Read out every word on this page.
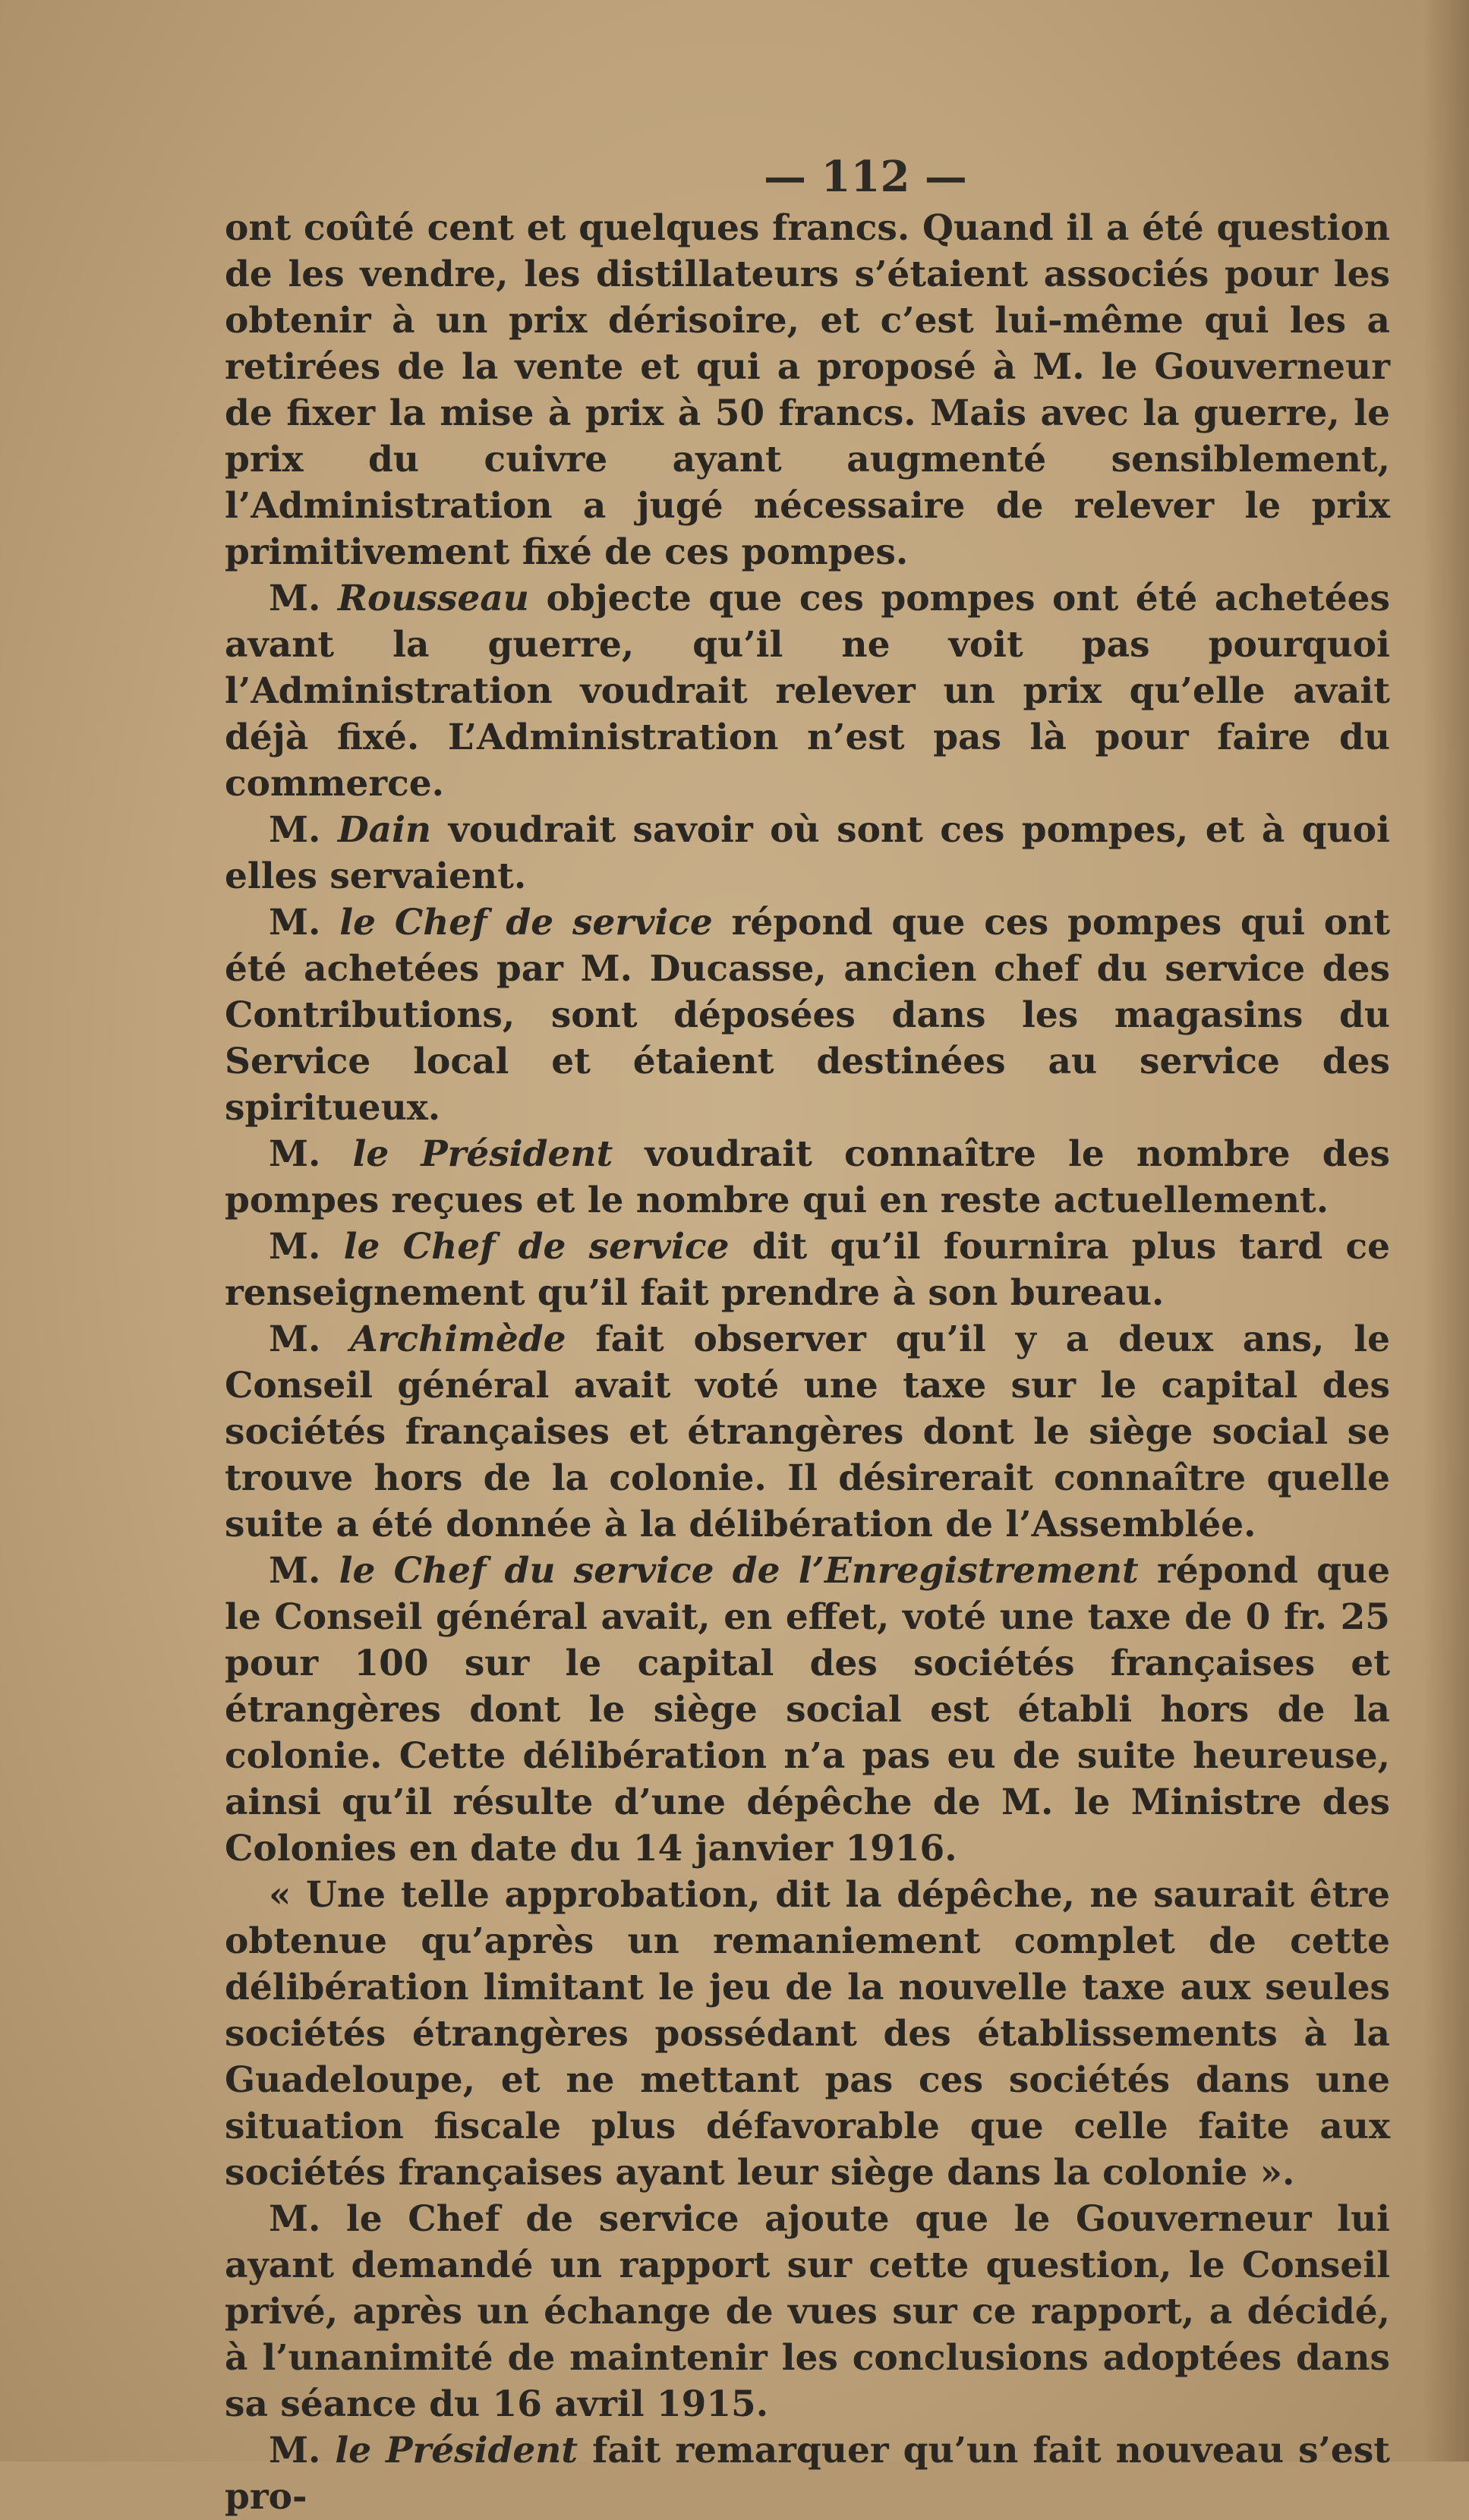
— 112 —

ont coûté cent et quelques francs. Quand il a été question de les vendre, les distillateurs s’étaient associés pour les obtenir à un prix dérisoire, et c’est lui-même qui les a retirées de la vente et qui a proposé à M. le Gouverneur de fixer la mise à prix à 50 francs. Mais avec la guerre, le prix du cuivre ayant augmenté sensiblement, l’Administration a jugé nécessaire de relever le prix primitivement fixé de ces pompes.

M. Rousseau objecte que ces pompes ont été achetées avant la guerre, qu’il ne voit pas pourquoi l’Administration voudrait relever un prix qu’elle avait déjà fixé. L’Administration n’est pas là pour faire du commerce.

M. Dain voudrait savoir où sont ces pompes, et à quoi elles servaient.

M. le Chef de service répond que ces pompes qui ont été achetées par M. Ducasse, ancien chef du service des Contributions, sont déposées dans les magasins du Service local et étaient destinées au service des spiritueux.

M. le Président voudrait connaître le nombre des pompes reçues et le nombre qui en reste actuellement.

M. le Chef de service dit qu’il fournira plus tard ce renseignement qu’il fait prendre à son bureau.

M. Archimède fait observer qu’il y a deux ans, le Conseil général avait voté une taxe sur le capital des sociétés françaises et étrangères dont le siège social se trouve hors de la colonie. Il désirerait connaître quelle suite a été donnée à la délibération de l’Assemblée.

M. le Chef du service de l’Enregistrement répond que le Conseil général avait, en effet, voté une taxe de 0 fr. 25 pour 100 sur le capital des sociétés françaises et étrangères dont le siège social est établi hors de la colonie. Cette délibération n’a pas eu de suite heureuse, ainsi qu’il résulte d’une dépêche de M. le Ministre des Colonies en date du 14 janvier 1916.

« Une telle approbation, dit la dépêche, ne saurait être obtenue qu’après un remaniement complet de cette délibération limitant le jeu de la nouvelle taxe aux seules sociétés étrangères possédant des établissements à la Guadeloupe, et ne mettant pas ces sociétés dans une situation fiscale plus défavorable que celle faite aux sociétés françaises ayant leur siège dans la colonie ».

M. le Chef de service ajoute que le Gouverneur lui ayant demandé un rapport sur cette question, le Conseil privé, après un échange de vues sur ce rapport, a décidé, à l’unanimité de maintenir les conclusions adoptées dans sa séance du 16 avril 1915.

M. le Président fait remarquer qu’un fait nouveau s’est pro-
